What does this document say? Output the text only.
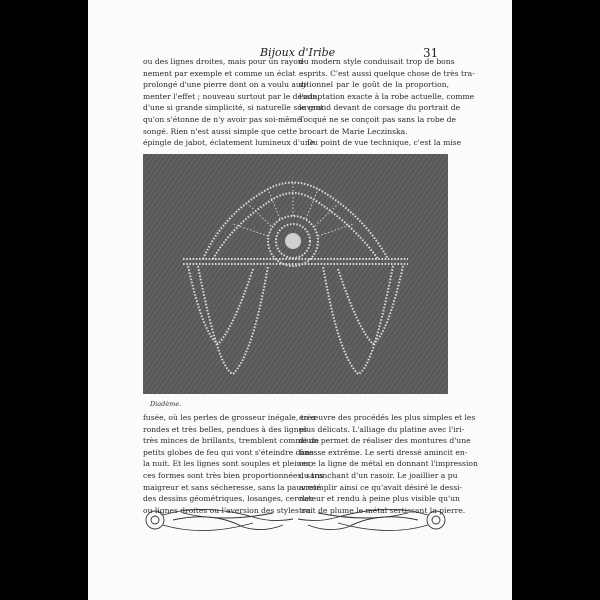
Bijoux d'Iribe	31
ou des lignes droites, mais pour un rayon-
nement par exemple et comme un éclat
prolongé d'une pierre dont on a voulu aug-
menter l'effet ; nouveau surtout par le dessin,
d'une si grande simplicité, si naturelle souvent
qu'on s'étonne de n'y avoir pas soi-même
songé. Rien n'est aussi simple que cette
épingle de jabot, éclatement lumineux d'une
du modern style conduisait trop de bons
esprits. C'est aussi quelque chose de très tra-
ditionnel par le goût de la proportion,
l'adaptation exacte à la robe actuelle, comme
le grand devant de corsage du portrait de
Tocqué ne se conçoit pas sans la robe de
brocart de Marie Leczinska.
Du point de vue technique, c'est la mise
Diadème.
fusée, où les perles de grosseur inégale, très
rondes et très belles, pendues à des lignes
très minces de brillants, tremblent comme de
petits globes de feu qui vont s'éteindre dans
la nuit. Et les lignes sont souples et pleines,
ces formes sont très bien proportionnées, sans
maigreur et sans sécheresse, sans la pauvreté
des dessins géométriques, losanges, cercles
ou lignes droites ou l'aversion des styles ou
en œuvre des procédés les plus simples et les
plus délicats. L'alliage du platine avec l'iri-
dium permet de réaliser des montures d'une
finesse extrême. Le serti dressé amincit en-
core la ligne de métal en donnant l'impression
du tranchant d'un rasoir. Le joaillier a pu
accomplir ainsi ce qu'avait désiré le dessi-
nateur et rendu à peine plus visible qu'un
trait de plume le métal sertissant la pierre.
